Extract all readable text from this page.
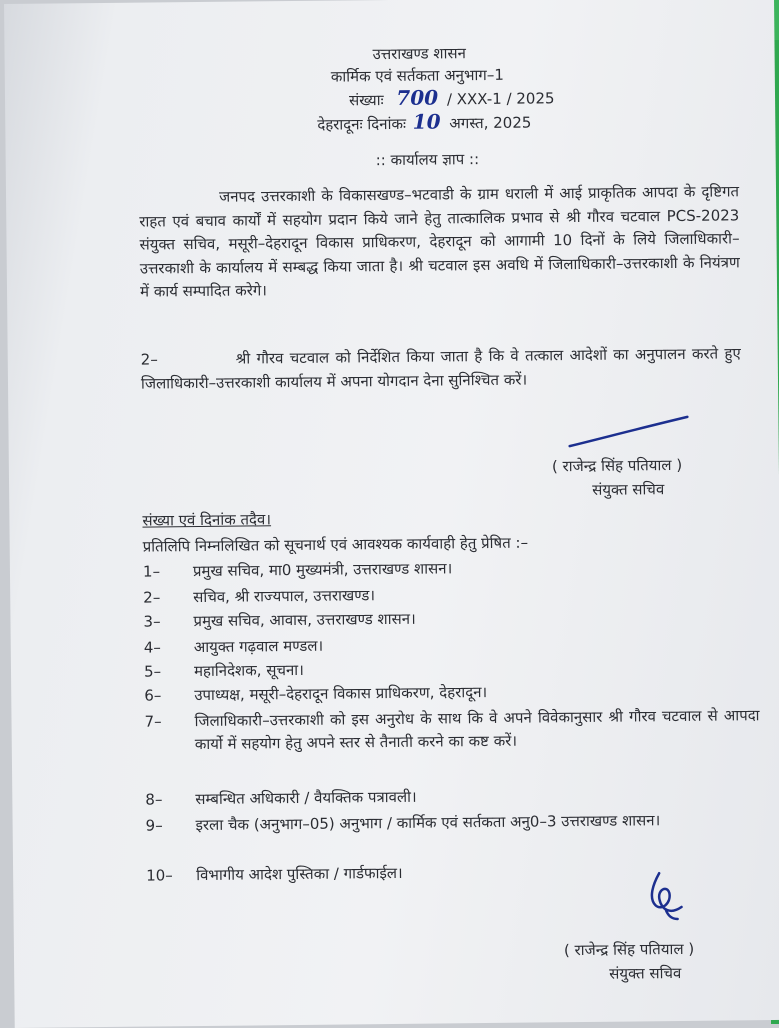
उत्तराखण्ड शासन
कार्मिक एवं सर्तकता अनुभाग–1
संख्याः 700 / XXX-1 / 2025
देहरादूनः दिनांकः 10 अगस्त, 2025
:: कार्यालय ज्ञाप ::
जनपद उत्तरकाशी के विकासखण्ड–भटवाडी के ग्राम धराली में आई प्राकृतिक आपदा के दृष्टिगत राहत एवं बचाव कार्यों में सहयोग प्रदान किये जाने हेतु तात्कालिक प्रभाव से श्री गौरव चटवाल PCS-2023 संयुक्त सचिव, मसूरी–देहरादून विकास प्राधिकरण, देहरादून को आगामी 10 दिनों के लिये जिलाधिकारी–उत्तरकाशी के कार्यालय में सम्बद्ध किया जाता है। श्री चटवाल इस अवधि में जिलाधिकारी–उत्तरकाशी के नियंत्रण में कार्य सम्पादित करेगे।
2–	श्री गौरव चटवाल को निर्देशित किया जाता है कि वे तत्काल आदेशों का अनुपालन करते हुए जिलाधिकारी–उत्तरकाशी कार्यालय में अपना योगदान देना सुनिश्चित करें।
( राजेन्द्र सिंह पतियाल )
संयुक्त सचिव
संख्या एवं दिनांक तदैव।
प्रतिलिपि निम्नलिखित को सूचनार्थ एवं आवश्यक कार्यवाही हेतु प्रेषित :–
1– प्रमुख सचिव, मा0 मुख्यमंत्री, उत्तराखण्ड शासन।
2– सचिव, श्री राज्यपाल, उत्तराखण्ड।
3– प्रमुख सचिव, आवास, उत्तराखण्ड शासन।
4– आयुक्त गढ़वाल मण्डल।
5– महानिदेशक, सूचना।
6– उपाध्यक्ष, मसूरी–देहरादून विकास प्राधिकरण, देहरादून।
7– जिलाधिकारी–उत्तरकाशी को इस अनुरोध के साथ कि वे अपने विवेकानुसार श्री गौरव चटवाल से आपदा कार्यो में सहयोग हेतु अपने स्तर से तैनाती करने का कष्ट करें।
8– सम्बन्धित अधिकारी / वैयक्तिक पत्रावली।
9– इरला चैक (अनुभाग–05) अनुभाग / कार्मिक एवं सर्तकता अनु0–3 उत्तराखण्ड शासन।
10– विभागीय आदेश पुस्तिका / गार्डफाईल।
( राजेन्द्र सिंह पतियाल )
संयुक्त सचिव
